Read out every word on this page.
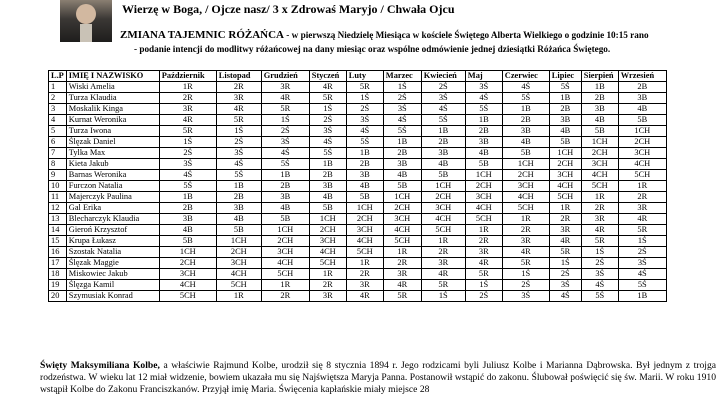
Wierzę w Boga, / Ojcze nasz/ 3 x Zdrowaś Maryjo / Chwała Ojcu
ZMIANA TAJEMNIC RÓŻAŃCA - w pierwszą Niedzielę Miesiąca w kościele Świętego Alberta Wielkiego o godzinie 10:15 rano
- podanie intencji do modlitwy różańcowej na dany miesiąc oraz wspólne odmówienie jednej dziesiątki Różańca Świętego.
L.P	IMIĘ I NAZWISKO	Październik	Listopad	Grudzień	Styczeń	Luty	Marzec	Kwiecień	Maj	Czerwiec	Lipiec	Sierpień	Wrzesień
1	Wiski Amelia	1R	2R	3R	4R	5R	1Ś	2Ś	3Ś	4Ś	5Ś	1B	2B
2	Turza Klaudia	2R	3R	4R	5R	1Ś	2Ś	3Ś	4Ś	5Ś	1B	2B	3B
3	Moskalik Kinga	3R	4R	5R	1Ś	2Ś	3Ś	4Ś	5Ś	1B	2B	3B	4B
4	Kurnat Weronika	4R	5R	1Ś	2Ś	3Ś	4Ś	5Ś	1B	2B	3B	4B	5B
5	Turza Iwona	5R	1Ś	2Ś	3Ś	4Ś	5Ś	1B	2B	3B	4B	5B	1CH
6	Ślęzak Daniel	1Ś	2Ś	3Ś	4Ś	5Ś	1B	2B	3B	4B	5B	1CH	2CH
7	Tylka Max	2Ś	3Ś	4Ś	5Ś	1B	2B	3B	4B	5B	1CH	2CH	3CH
8	Kieta Jakub	3Ś	4Ś	5Ś	1B	2B	3B	4B	5B	1CH	2CH	3CH	4CH
9	Barnas Weronika	4Ś	5Ś	1B	2B	3B	4B	5B	1CH	2CH	3CH	4CH	5CH
10	Furczon Natalia	5Ś	1B	2B	3B	4B	5B	1CH	2CH	3CH	4CH	5CH	1R
11	Majerczyk Paulina	1B	2B	3B	4B	5B	1CH	2CH	3CH	4CH	5CH	1R	2R
12	Gal Erika	2B	3B	4B	5B	1CH	2CH	3CH	4CH	5CH	1R	2R	3R
13	Blecharczyk Klaudia	3B	4B	5B	1CH	2CH	3CH	4CH	5CH	1R	2R	3R	4R
14	Gieroń Krzysztof	4B	5B	1CH	2CH	3CH	4CH	5CH	1R	2R	3R	4R	5R
15	Krupa Łukasz	5B	1CH	2CH	3CH	4CH	5CH	1R	2R	3R	4R	5R	1Ś
16	Szostak Natalia	1CH	2CH	3CH	4CH	5CH	1R	2R	3R	4R	5R	1Ś	2Ś
17	Ślęzak Maggie	2CH	3CH	4CH	5CH	1R	2R	3R	4R	5R	1Ś	2Ś	3Ś
18	Miskowiec Jakub	3CH	4CH	5CH	1R	2R	3R	4R	5R	1Ś	2Ś	3Ś	4Ś
19	Ślęzga Kamil	4CH	5CH	1R	2R	3R	4R	5R	1Ś	2Ś	3Ś	4Ś	5Ś
20	Szymusiak Konrad	5CH	1R	2R	3R	4R	5R	1Ś	2Ś	3Ś	4Ś	5Ś	1B
Święty Maksymiliana Kolbe, a właściwie Rajmund Kolbe, urodził się 8 stycznia 1894 r. Jego rodzicami byli Juliusz Kolbe i Marianna Dąbrowska. Był jednym z trojga rodzeństwa. W wieku lat 12 miał widzenie, bowiem ukazała mu się Najświętsza Maryja Panna. Postanowił wstąpić do zakonu. Ślubował poświęcić się św. Marii. W roku 1910 wstąpił Kolbe do Zakonu Franciszkanów. Przyjął imię Maria. Święcenia kapłańskie miały miejsce 28
